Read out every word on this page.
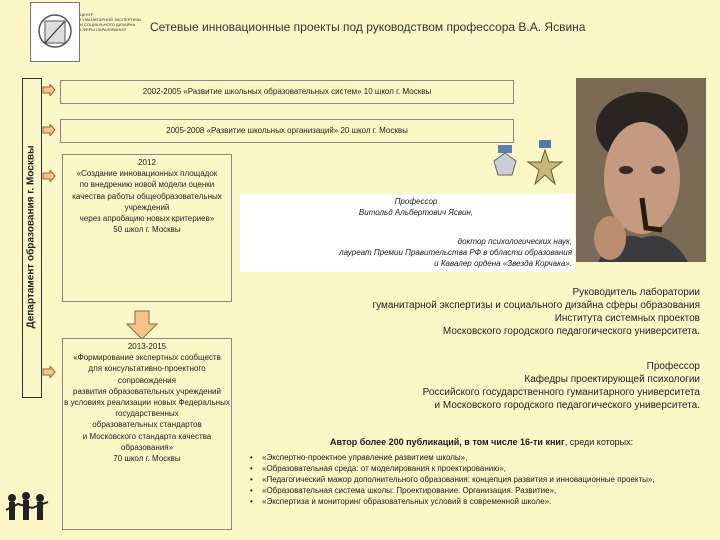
ЦЕНТР
ГУМАНИТАРНОЙ ЭКСПЕРТИЗЫ
И СОЦИАЛЬНОГО ДИЗАЙНА
СФЕРЫ ОБРАЗОВАНИЯ	Сетевые инновационные проекты под руководством профессора В.А. Ясвина
Департамент образования г. Москвы
2002-2005 «Развитие школьных образовательных систем» 10 школ г. Москвы
2005-2008 «Развитие школьных организаций» 20 школ г. Москвы
2012
«Создание инновационных площадок
по внедрению новой модели оценки
качества работы общеобразовательных учреждений
через апробацию новых критериев»
50 школ г. Москвы
2013-2015
«Формирование экспертных сообществ
для консультативно-проектного сопровождения
развития образовательных учреждений
в условиях реализации новых Федеральных государственных
образовательных стандартов
и Московского стандарта качества образования»
70 школ г. Москвы
Профессор
Витольд Альбертович Ясвин,
доктор психологических наук,
лауреат Премии Правительства РФ в области образования
и Кавалер ордена «Звезда Корчака».
Руководитель лаборатории
гуманитарной экспертизы и социального дизайна сферы образования
Института системных проектов
Московского городского педагогического университета.
Профессор
Кафедры проектирующей психологии
Российского государственного гуманитарного университета
и Московского городского педагогического университета.
Автор более 200 публикаций, в том числе 16-ти книг, среди которых:
• «Экспертно-проектное управление развитием школы»,
• «Образовательная среда: от моделирования к проектированию»,
• «Педагогический мажор дополнительного образования: концепция развития и инновационные проекты»,
• «Образовательная система школы: Проектирование. Организация. Развитие»,
• «Экспертиза и мониторинг образовательных условий в современной школе».
